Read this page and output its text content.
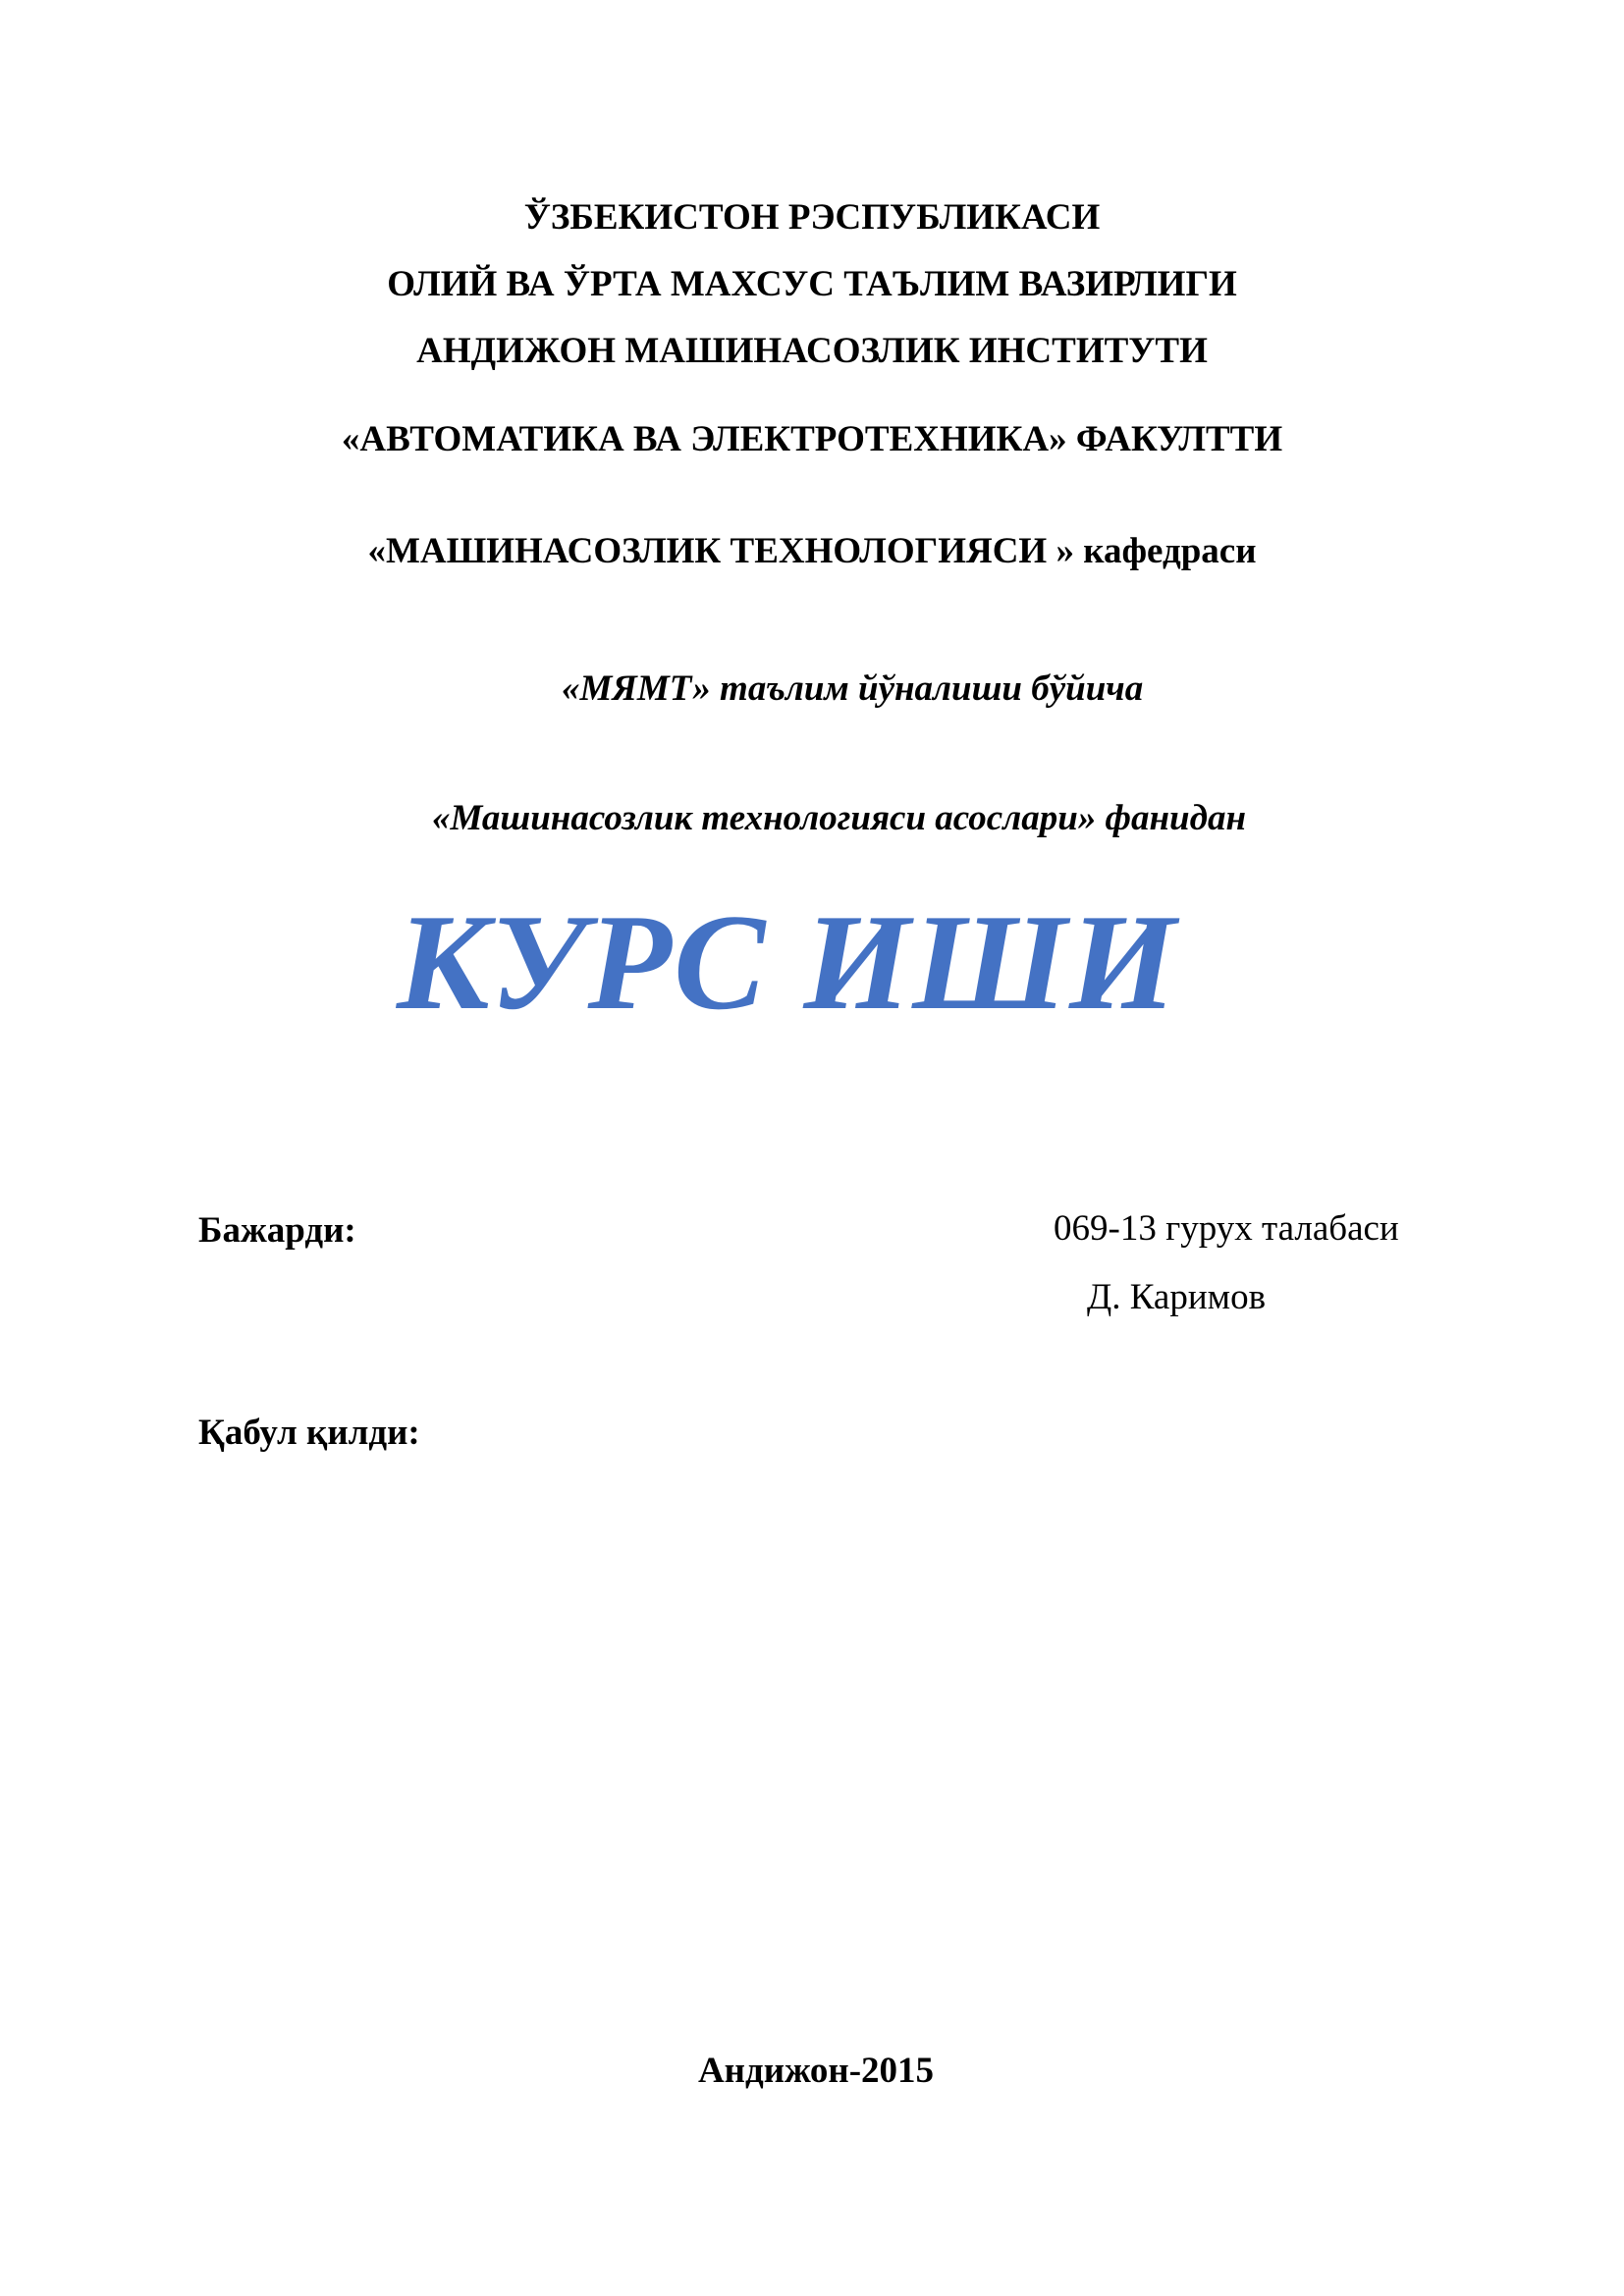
ЎЗБЕКИСТОН РЭСПУБЛИКАСИ
ОЛИЙ ВА ЎРТА МАХСУС ТАЪЛИМ ВАЗИРЛИГИ
АНДИЖОН МАШИНАСОЗЛИК ИНСТИТУТИ
«АВТОМАТИКА ВА ЭЛЕКТРОТЕХНИКА» ФАКУЛТТИ
«МАШИНАСОЗЛИК ТЕХНОЛОГИЯСИ » кафедраси
«МЯМТ» таълим йўналиши бўйича
«Машинасозлик технологияси асослари» фанидан
КУРС ИШИ
Бажарди:	069-13 гурух талабаси
Д. Каримов
Қабул қилди:
Андижон-2015
